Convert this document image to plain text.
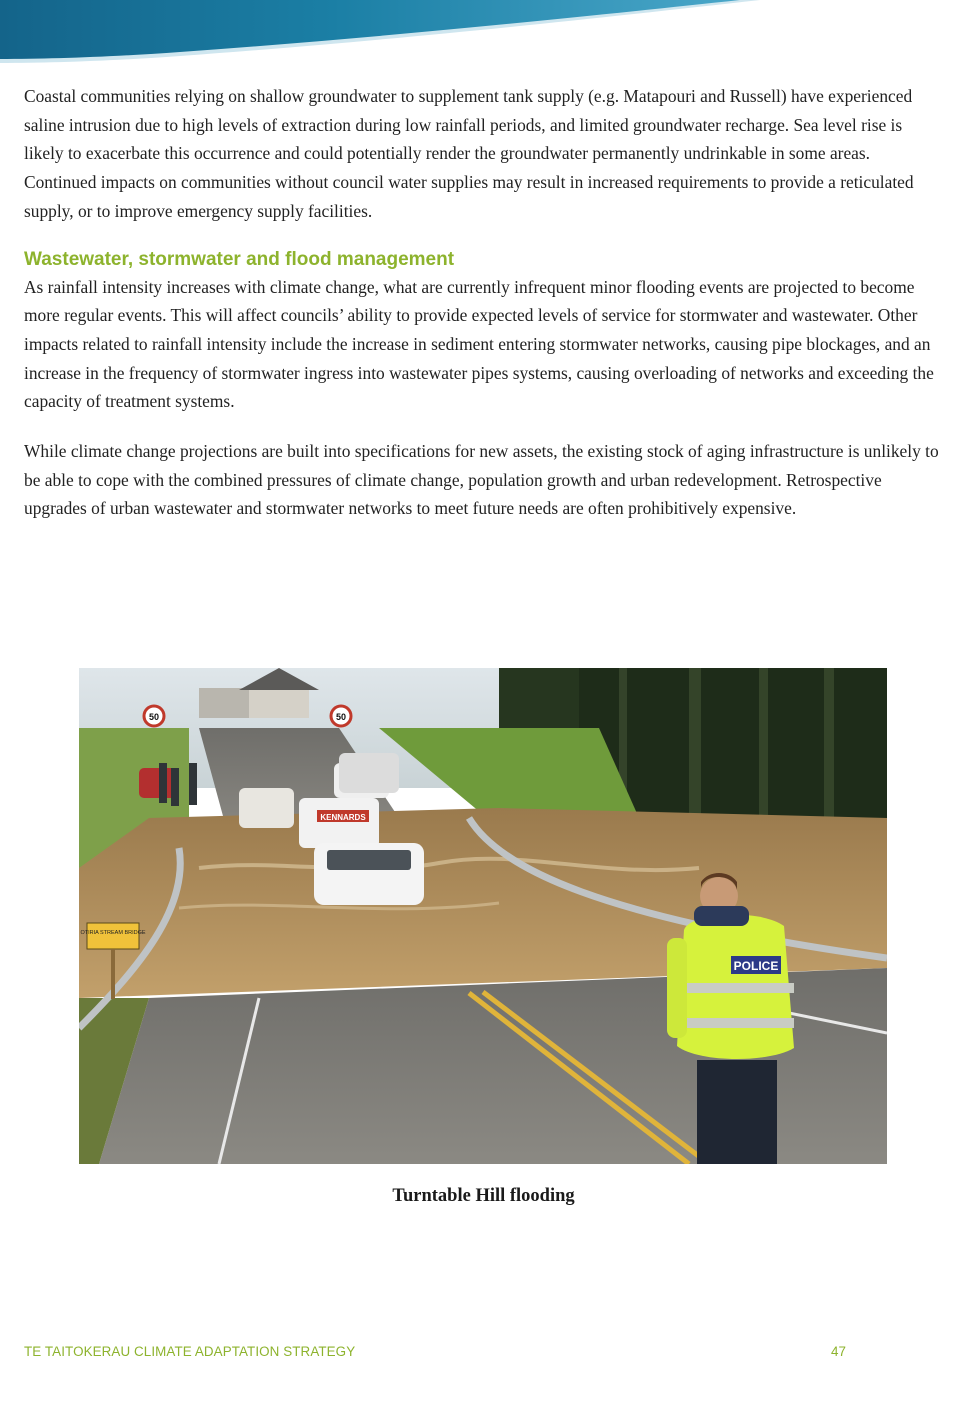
Coastal communities relying on shallow groundwater to supplement tank supply (e.g. Matapouri and Russell) have experienced saline intrusion due to high levels of extraction during low rainfall periods, and limited groundwater recharge. Sea level rise is likely to exacerbate this occurrence and could potentially render the groundwater permanently undrinkable in some areas. Continued impacts on communities without council water supplies may result in increased requirements to provide a reticulated supply, or to improve emergency supply facilities.

Wastewater, stormwater and flood management

As rainfall intensity increases with climate change, what are currently infrequent minor flooding events are projected to become more regular events. This will affect councils’ ability to provide expected levels of service for stormwater and wastewater. Other impacts related to rainfall intensity include the increase in sediment entering stormwater networks, causing pipe blockages, and an increase in the frequency of stormwater ingress into wastewater pipes systems, causing overloading of networks and exceeding the capacity of treatment systems.

While climate change projections are built into specifications for new assets, the existing stock of aging infrastructure is unlikely to be able to cope with the combined pressures of climate change, population growth and urban redevelopment. Retrospective upgrades of urban wastewater and stormwater networks to meet future needs are often prohibitively expensive.

KENNARDS
50	50
OTIRIA STREAM BRIDGE
POLICE
Turntable Hill flooding
TE TAITOKERAU CLIMATE ADAPTATION STRATEGY	47
